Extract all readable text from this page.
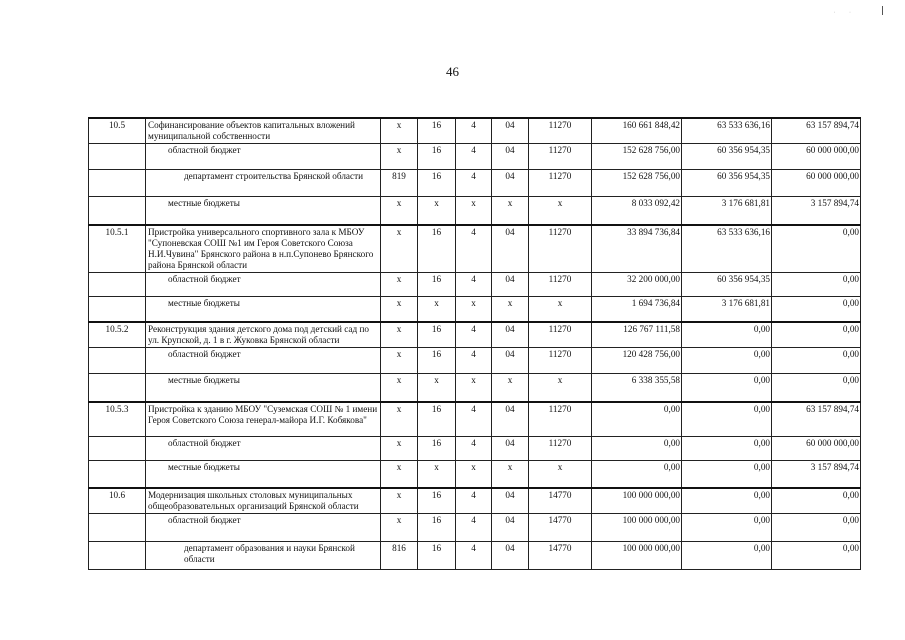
· ·
46
10.5	Софинансирование объектов капитальных вложений муниципальной собственности	x	16	4	04	11270	160 661 848,42	63 533 636,16	63 157 894,74
	областной бюджет	x	16	4	04	11270	152 628 756,00	60 356 954,35	60 000 000,00
	департамент строительства Брянской области	819	16	4	04	11270	152 628 756,00	60 356 954,35	60 000 000,00
	местные бюджеты	x	x	x	x	x	8 033 092,42	3 176 681,81	3 157 894,74
10.5.1	Пристройка универсального спортивного зала к МБОУ "Супоневская СОШ №1 им Героя Советского Союза Н.И.Чувина" Брянского района в н.п.Супонево Брянского района Брянской области	x	16	4	04	11270	33 894 736,84	63 533 636,16	0,00
	областной бюджет	x	16	4	04	11270	32 200 000,00	60 356 954,35	0,00
	местные бюджеты	x	x	x	x	x	1 694 736,84	3 176 681,81	0,00
10.5.2	Реконструкция здания детского дома под детский сад по ул. Крупской, д. 1 в г. Жуковка Брянской области	x	16	4	04	11270	126 767 111,58	0,00	0,00
	областной бюджет	x	16	4	04	11270	120 428 756,00	0,00	0,00
	местные бюджеты	x	x	x	x	x	6 338 355,58	0,00	0,00
10.5.3	Пристройка к зданию МБОУ "Суземская СОШ № 1 имени Героя Советского Союза генерал-майора И.Г. Кобякова"	x	16	4	04	11270	0,00	0,00	63 157 894,74
	областной бюджет	x	16	4	04	11270	0,00	0,00	60 000 000,00
	местные бюджеты	x	x	x	x	x	0,00	0,00	3 157 894,74
10.6	Модернизация школьных столовых муниципальных общеобразовательных организаций Брянской области	x	16	4	04	14770	100 000 000,00	0,00	0,00
	областной бюджет	x	16	4	04	14770	100 000 000,00	0,00	0,00
	департамент образования и науки Брянской области	816	16	4	04	14770	100 000 000,00	0,00	0,00
